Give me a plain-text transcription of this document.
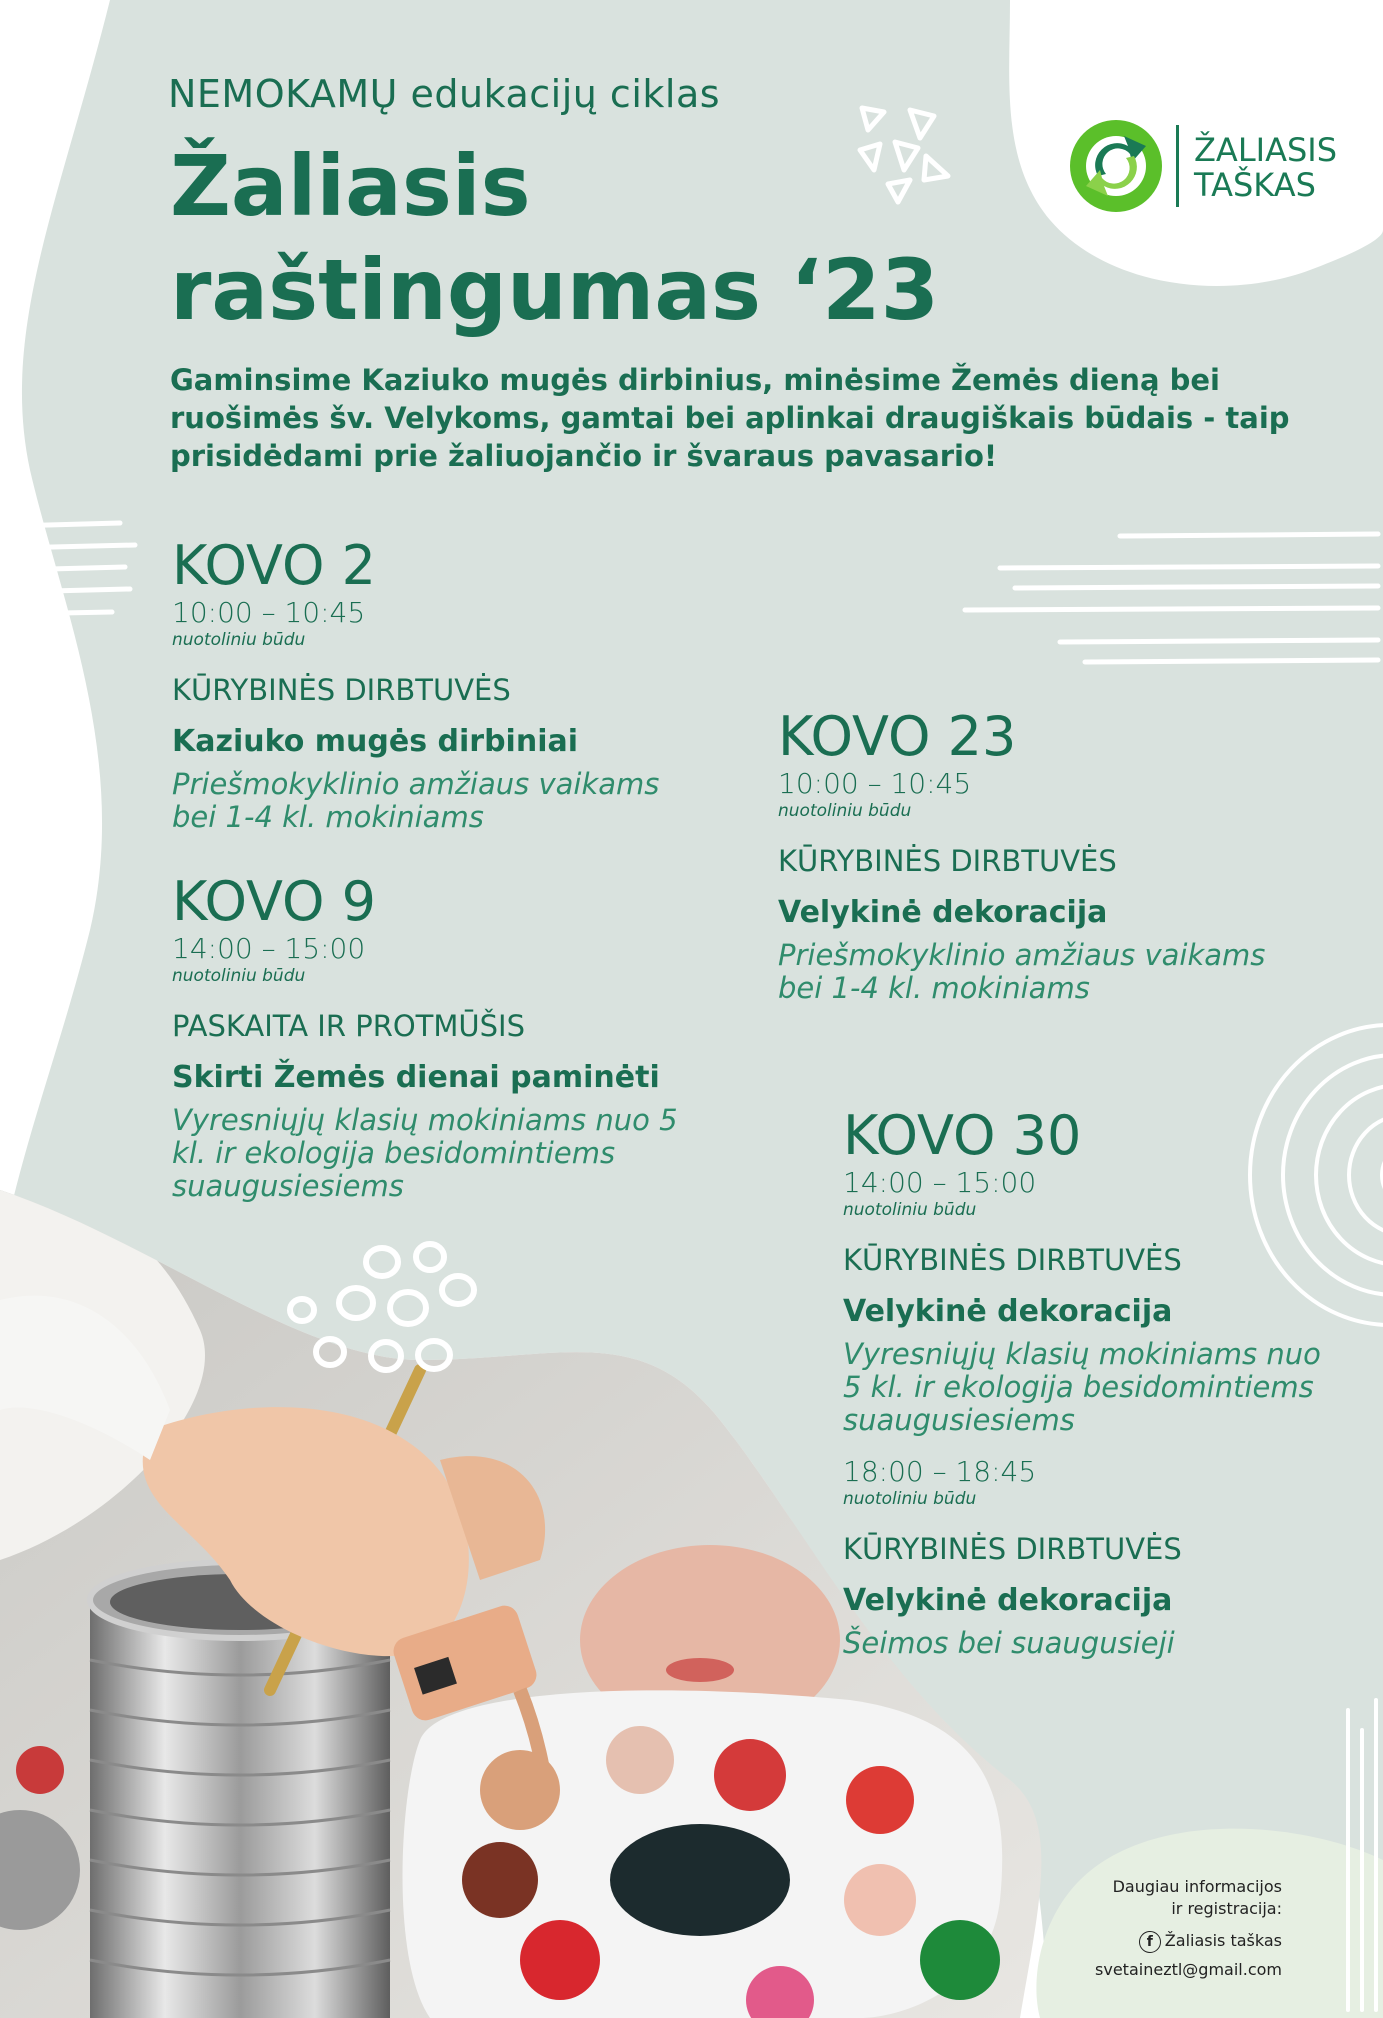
ŽALIASIS
TAŠKAS
NEMOKAMŲ edukacijų ciklas
Žaliasis
raštingumas ‘23
Gaminsime Kaziuko mugės dirbinius, minėsime Žemės dieną bei ruošimės šv. Velykoms, gamtai bei aplinkai draugiškais būdais - taip prisidėdami prie žaliuojančio ir švaraus pavasario!
KOVO 2
10:00 – 10:45
nuotoliniu būdu
KŪRYBINĖS DIRBTUVĖS
Kaziuko mugės dirbiniai
Priešmokyklinio amžiaus vaikams bei 1-4 kl. mokiniams
KOVO 9
14:00 – 15:00
nuotoliniu būdu
PASKAITA IR PROTMŪŠIS
Skirti Žemės dienai paminėti
Vyresniųjų klasių mokiniams nuo 5 kl. ir ekologija besidomintiems suaugusiesiems
KOVO 23
10:00 – 10:45
nuotoliniu būdu
KŪRYBINĖS DIRBTUVĖS
Velykinė dekoracija
Priešmokyklinio amžiaus vaikams bei 1-4 kl. mokiniams
KOVO 30
14:00 – 15:00
nuotoliniu būdu
KŪRYBINĖS DIRBTUVĖS
Velykinė dekoracija
Vyresniųjų klasių mokiniams nuo 5 kl. ir ekologija besidomintiems suaugusiesiems
18:00 – 18:45
nuotoliniu būdu
KŪRYBINĖS DIRBTUVĖS
Velykinė dekoracija
Šeimos bei suaugusieji
Daugiau informacijos
ir registracija:
f Žaliasis taškas
svetaineztl@gmail.com
